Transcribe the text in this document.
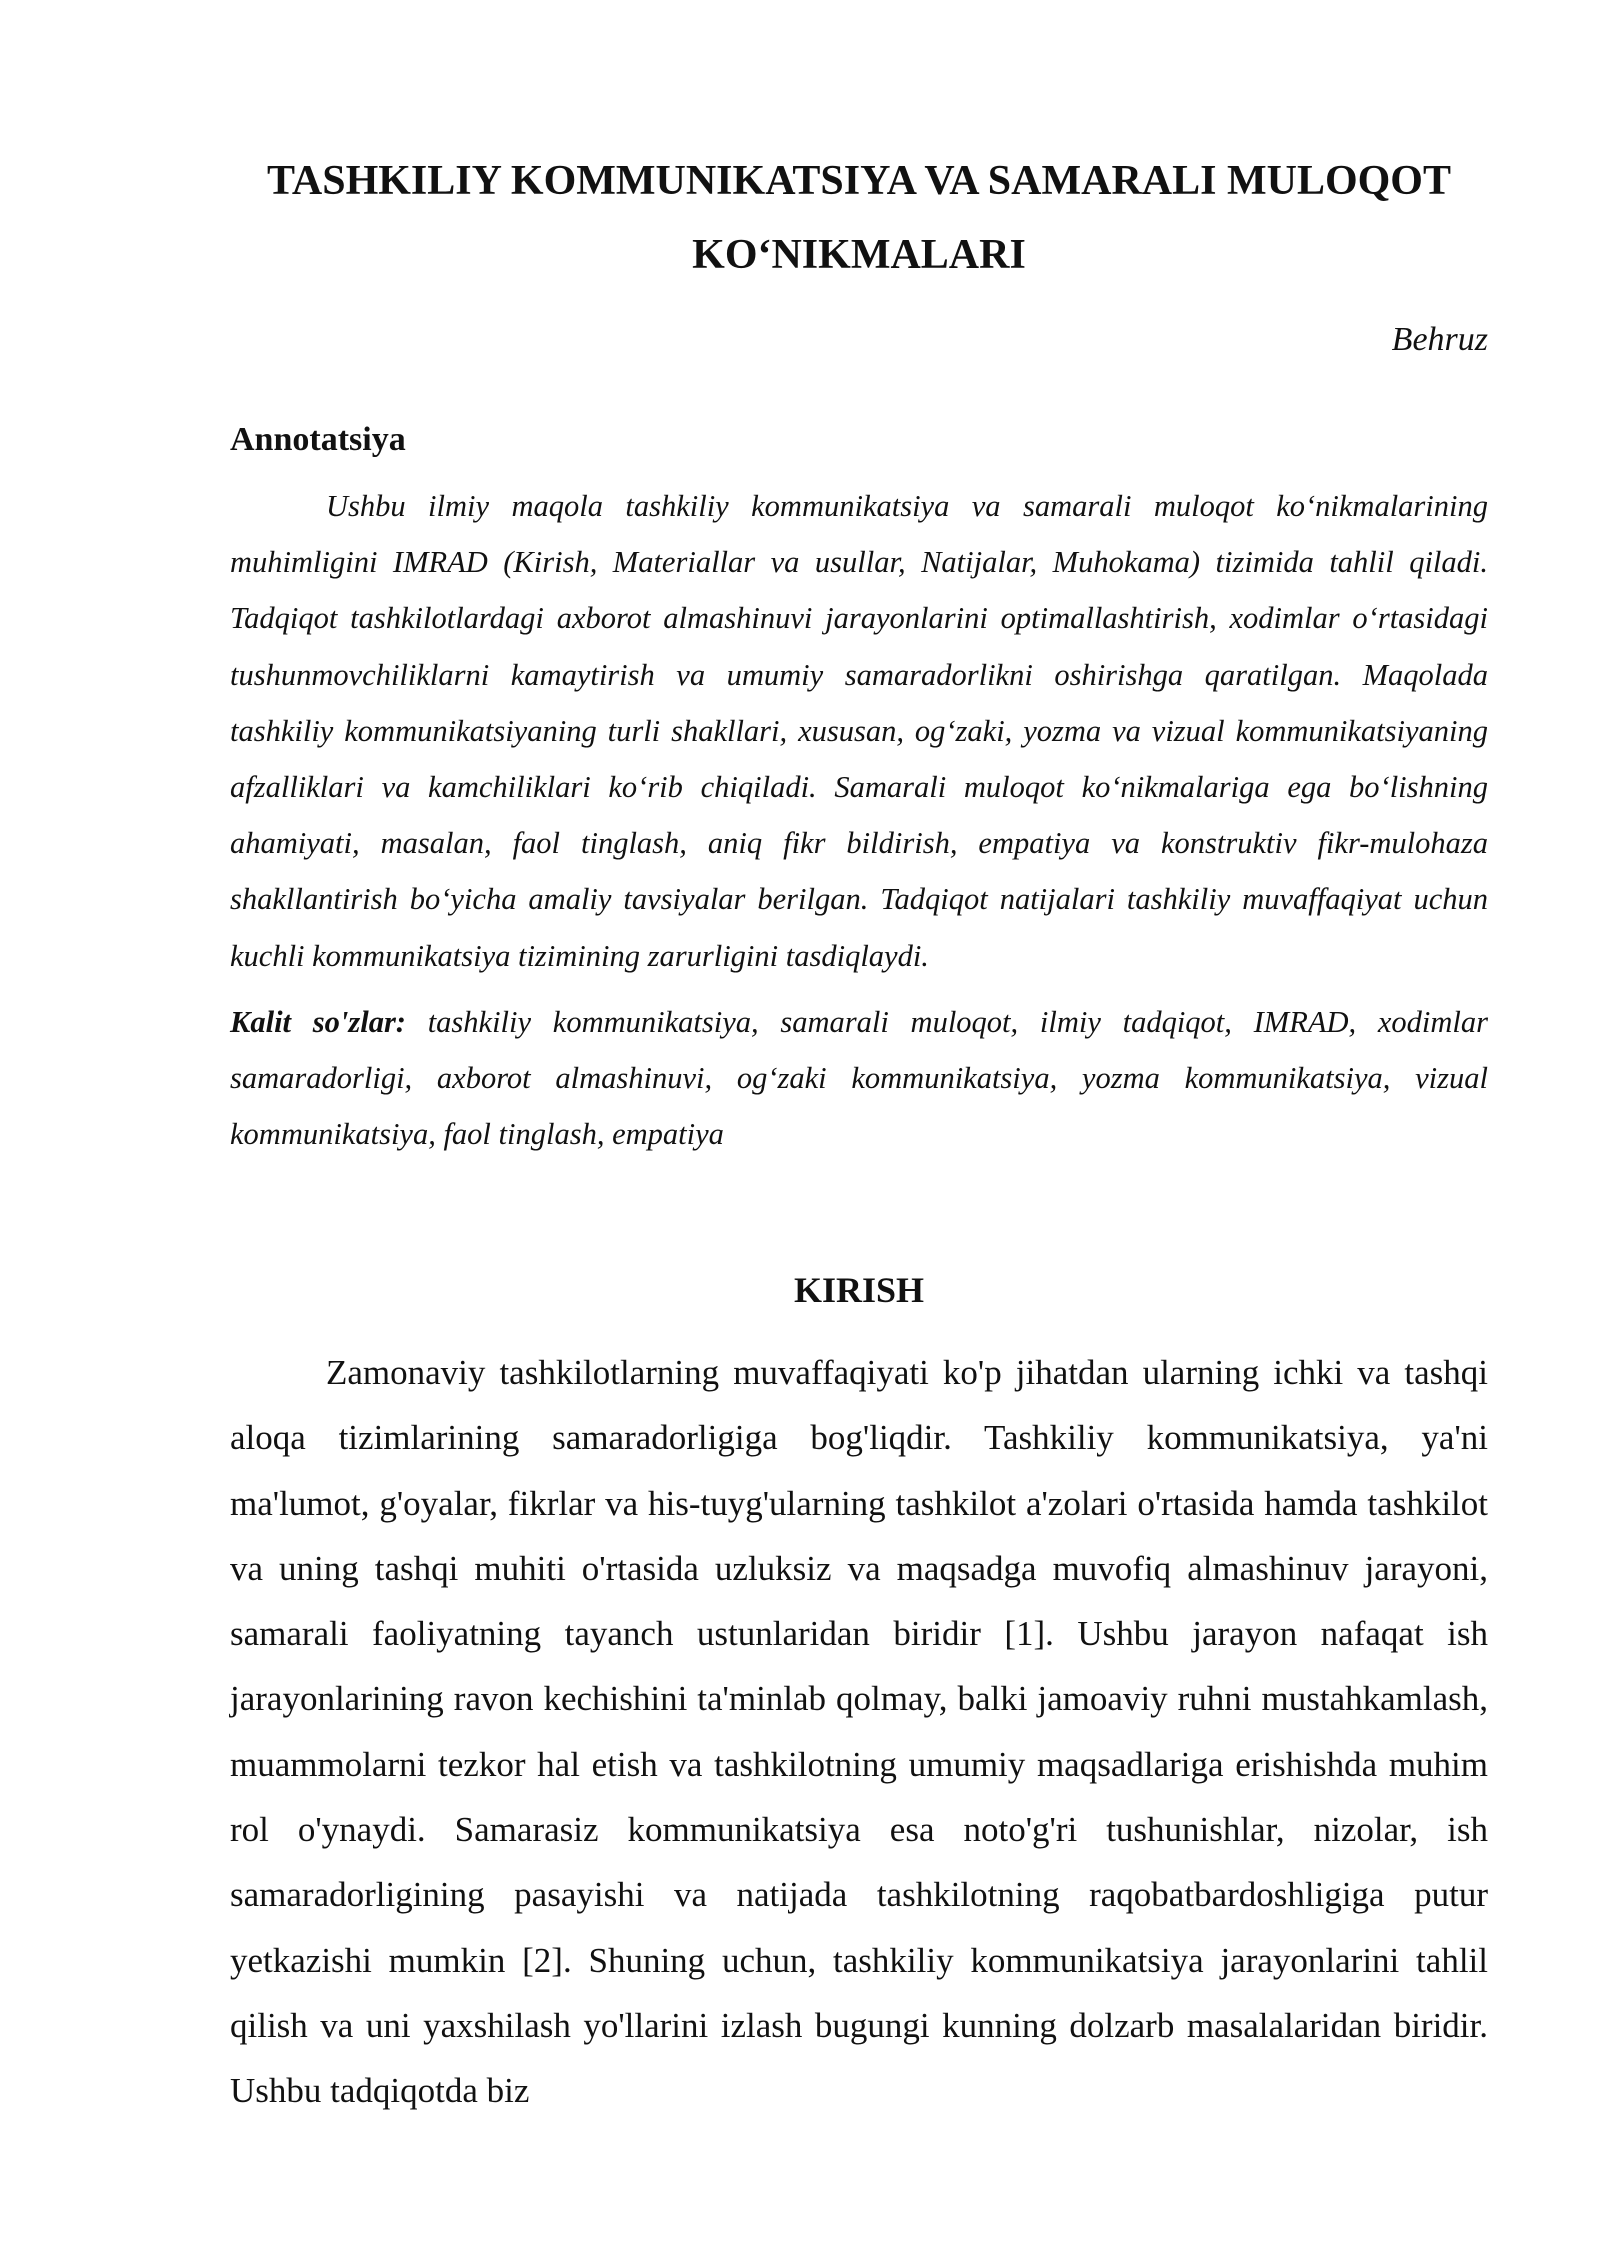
TASHKILIY KOMMUNIKATSIYA VA SAMARALI MULOQOT KO‘NIKMALARI
Behruz
Annotatsiya

Ushbu ilmiy maqola tashkiliy kommunikatsiya va samarali muloqot ko‘nikmalarining muhimligini IMRAD (Kirish, Materiallar va usullar, Natijalar, Muhokama) tizimida tahlil qiladi. Tadqiqot tashkilotlardagi axborot almashinuvi jarayonlarini optimallashtirish, xodimlar o‘rtasidagi tushunmovchiliklarni kamaytirish va umumiy samaradorlikni oshirishga qaratilgan. Maqolada tashkiliy kommunikatsiyaning turli shakllari, xususan, og‘zaki, yozma va vizual kommunikatsiyaning afzalliklari va kamchiliklari ko‘rib chiqiladi. Samarali muloqot ko‘nikmalariga ega bo‘lishning ahamiyati, masalan, faol tinglash, aniq fikr bildirish, empatiya va konstruktiv fikr-mulohaza shakllantirish bo‘yicha amaliy tavsiyalar berilgan. Tadqiqot natijalari tashkiliy muvaffaqiyat uchun kuchli kommunikatsiya tizimining zarurligini tasdiqlaydi.

Kalit so'zlar: tashkiliy kommunikatsiya, samarali muloqot, ilmiy tadqiqot, IMRAD, xodimlar samaradorligi, axborot almashinuvi, og‘zaki kommunikatsiya, yozma kommunikatsiya, vizual kommunikatsiya, faol tinglash, empatiya

KIRISH

Zamonaviy tashkilotlarning muvaffaqiyati ko'p jihatdan ularning ichki va tashqi aloqa tizimlarining samaradorligiga bog'liqdir. Tashkiliy kommunikatsiya, ya'ni ma'lumot, g'oyalar, fikrlar va his-tuyg'ularning tashkilot a'zolari o'rtasida hamda tashkilot va uning tashqi muhiti o'rtasida uzluksiz va maqsadga muvofiq almashinuv jarayoni, samarali faoliyatning tayanch ustunlaridan biridir [1]. Ushbu jarayon nafaqat ish jarayonlarining ravon kechishini ta'minlab qolmay, balki jamoaviy ruhni mustahkamlash, muammolarni tezkor hal etish va tashkilotning umumiy maqsadlariga erishishda muhim rol o'ynaydi. Samarasiz kommunikatsiya esa noto'g'ri tushunishlar, nizolar, ish samaradorligining pasayishi va natijada tashkilotning raqobatbardoshligiga putur yetkazishi mumkin [2]. Shuning uchun, tashkiliy kommunikatsiya jarayonlarini tahlil qilish va uni yaxshilash yo'llarini izlash bugungi kunning dolzarb masalalaridan biridir. Ushbu tadqiqotda biz
